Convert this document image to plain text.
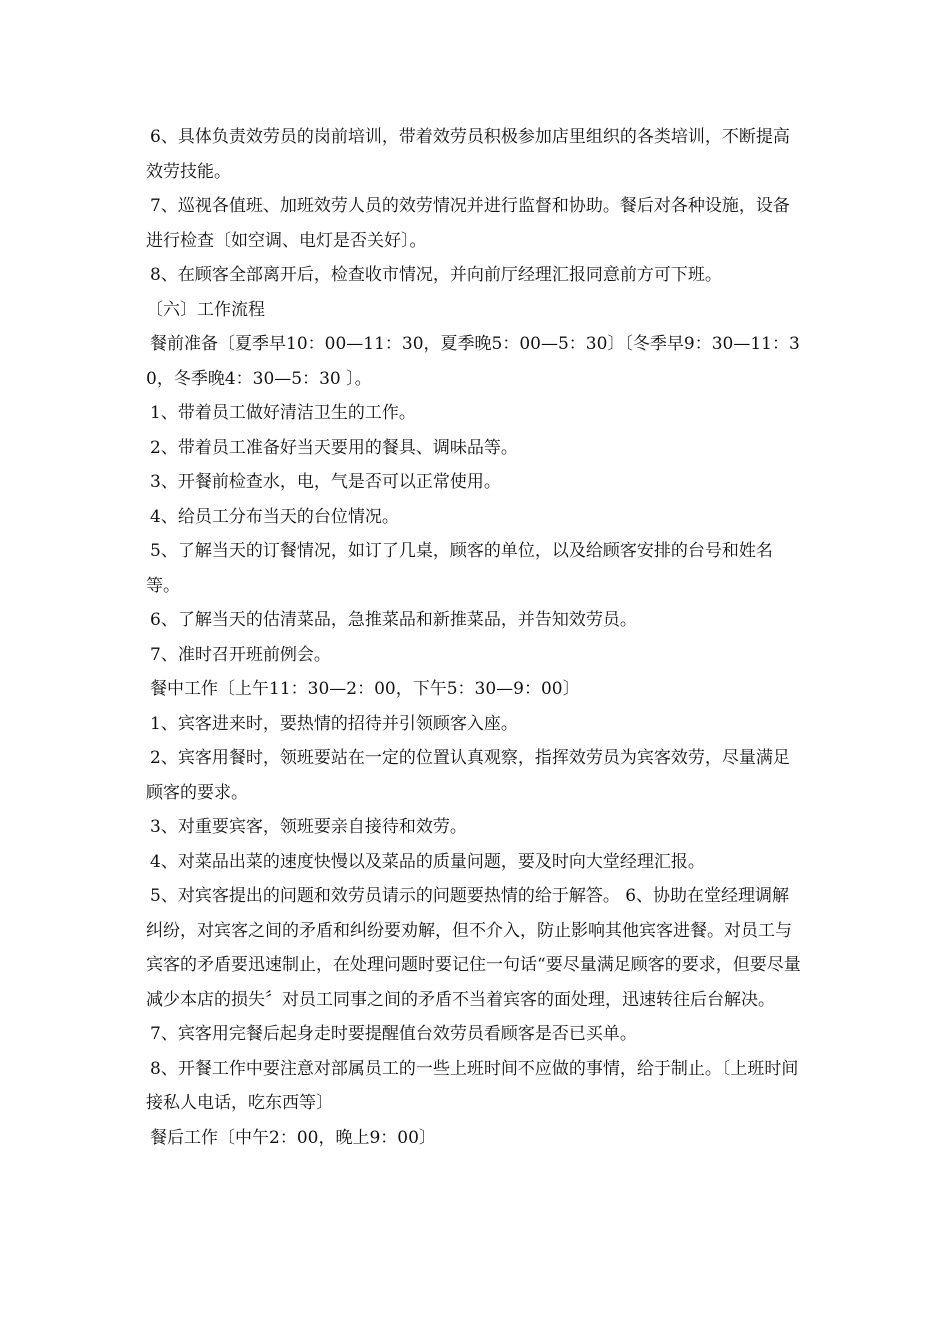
6、具体负责效劳员的岗前培训，带着效劳员积极参加店里组织的各类培训，不断提高效劳技能。

7、巡视各值班、加班效劳人员的效劳情况并进行监督和协助。餐后对各种设施，设备进行检查〔如空调、电灯是否关好〕。

8、在顾客全部离开后，检查收市情况，并向前厅经理汇报同意前方可下班。

〔六〕工作流程

餐前准备〔夏季早10：00—11：30，夏季晚5：00—5：30〕〔冬季早9：30—11：30，冬季晚4：30—5：30 〕。

1、带着员工做好清洁卫生的工作。

2、带着员工准备好当天要用的餐具、调味品等。

3、开餐前检查水，电，气是否可以正常使用。

4、给员工分布当天的台位情况。

5、了解当天的订餐情况，如订了几桌，顾客的单位，以及给顾客安排的台号和姓名等。

6、了解当天的估清菜品，急推菜品和新推菜品，并告知效劳员。

7、准时召开班前例会。

餐中工作〔上午11：30—2：00，下午5：30—9：00〕

1、宾客进来时，要热情的招待并引领顾客入座。

2、宾客用餐时，领班要站在一定的位置认真观察，指挥效劳员为宾客效劳，尽量满足顾客的要求。

3、对重要宾客，领班要亲自接待和效劳。

4、对菜品出菜的速度快慢以及菜品的质量问题，要及时向大堂经理汇报。

5、对宾客提出的问题和效劳员请示的问题要热情的给于解答。 6、协助在堂经理调解纠纷，对宾客之间的矛盾和纠纷要劝解，但不介入，防止影响其他宾客进餐。对员工与宾客的矛盾要迅速制止，在处理问题时要记住一句话“要尽量满足顾客的要求，但要尽量减少本店的损失〞对员工同事之间的矛盾不当着宾客的面处理，迅速转往后台解决。

7、宾客用完餐后起身走时要提醒值台效劳员看顾客是否已买单。

8、开餐工作中要注意对部属员工的一些上班时间不应做的事情，给于制止。〔上班时间接私人电话，吃东西等〕

餐后工作〔中午2：00，晚上9：00〕
